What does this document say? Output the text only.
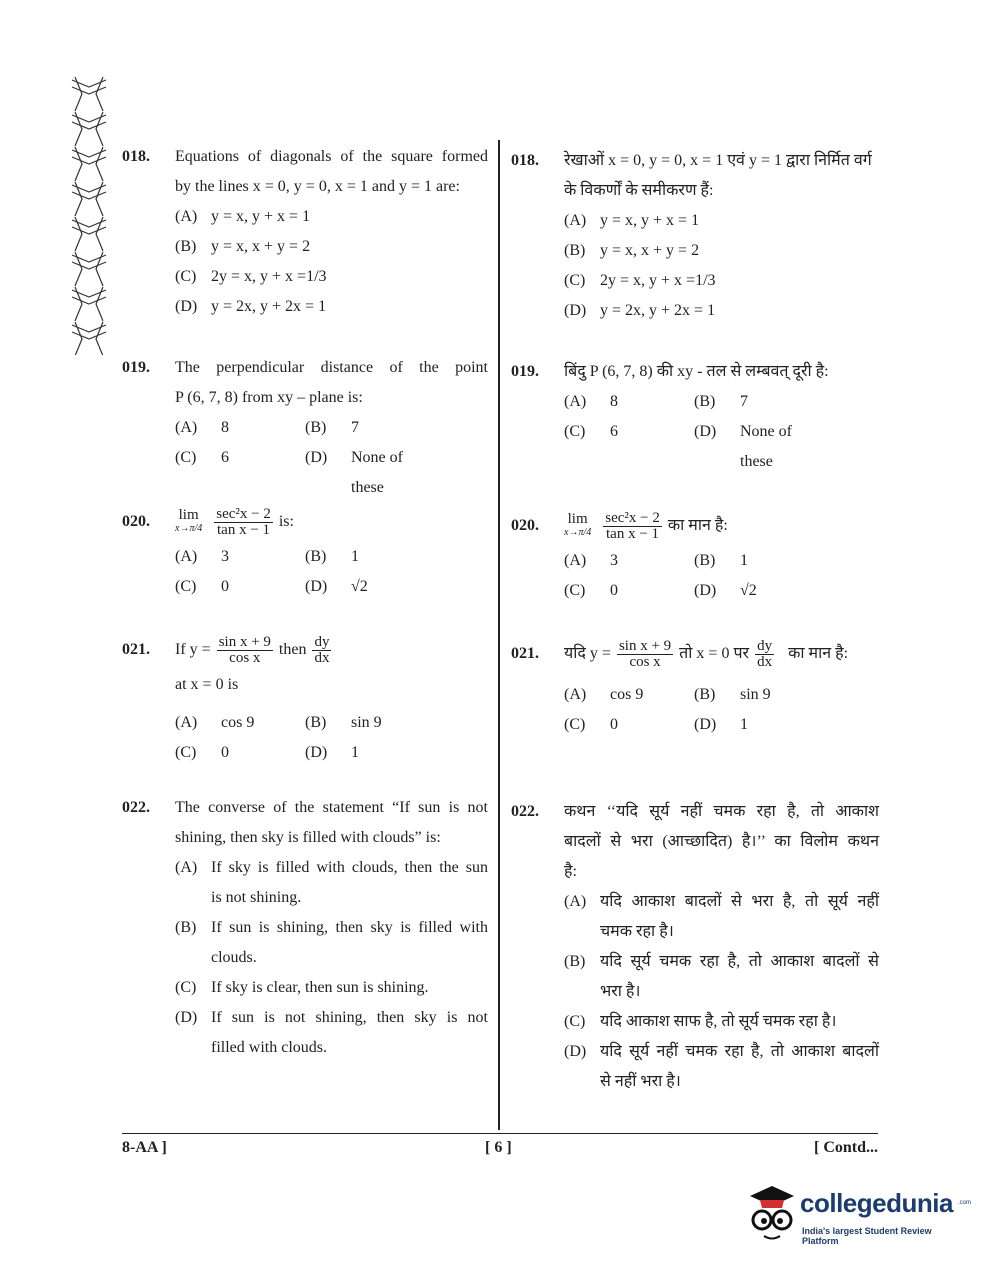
018.	Equations of diagonals of the square formed
by the lines x = 0, y = 0, x = 1 and y = 1 are:
(A) y = x, y + x = 1
(B) y = x, x + y = 2
(C) 2y = x, y + x =1/3
(D) y = 2x, y + 2x = 1
019.	The perpendicular distance of the point
P (6, 7, 8) from xy – plane is:
(A)	8	(B)	7
(C)	6	(D)	None of these
020.	lim
$x\to\pi/4 \frac{\text{sec²x − 2}}{\text{tan x − 1}}$ is:
(A)	3	(B)	1
(C)	0	(D)	√2
021.	If $y = \frac{\text{sin x + 9}}{\text{cos x}}$ then $\frac{dy}{dx}$
at x = 0 is
(A)	cos 9	(B)	sin 9
(C)	0	(D)	1
022.	The converse of the statement “If sun is not
shining, then sky is filled with clouds” is:
(A) If sky is filled with clouds, then the sun
is not shining.
(B) If sun is shining, then sky is filled with
clouds.
(C) If sky is clear, then sun is shining.
(D) If sun is not shining, then sky is not
filled with clouds.
018.	रेखाओं x = 0, y = 0, x = 1 एवं y = 1 द्वारा निर्मित वर्ग
के विकर्णों के समीकरण हैं:
(A) y = x, y + x = 1
(B) y = x, x + y = 2
(C) 2y = x, y + x =1/3
(D) y = 2x, y + 2x = 1
019.	बिंदु P (6, 7, 8) की xy - तल से लम्बवत् दूरी है:
(A)	8	(B)	7
(C)	6	(D)	None of these
020.	lim
$x\to\pi/4 \frac{\text{sec²x − 2}}{\text{tan x − 1}}$ का मान है:
(A)	3	(B)	1
(C)	0	(D)	√2
021.	यदि $y = \frac{\text{sin x + 9}}{\text{cos x}}$ तो x = 0 पर $\frac{dy}{dx}$ का मान है:
(A)	cos 9	(B)	sin 9
(C)	0	(D)	1
022.	कथन ‘‘यदि सूर्य नहीं चमक रहा है, तो आकाश
बादलों से भरा (आच्छादित) है।’’ का विलोम कथन
है:
(A) यदि आकाश बादलों से भरा है, तो सूर्य नहीं
चमक रहा है।
(B) यदि सूर्य चमक रहा है, तो आकाश बादलों से
भरा है।
(C) यदि आकाश साफ है, तो सूर्य चमक रहा है।
(D) यदि सूर्य नहीं चमक रहा है, तो आकाश बादलों
से नहीं भरा है।
8-AA ]	[ 6 ]	[ Contd...
collegedunia .com
India's largest Student Review Platform
